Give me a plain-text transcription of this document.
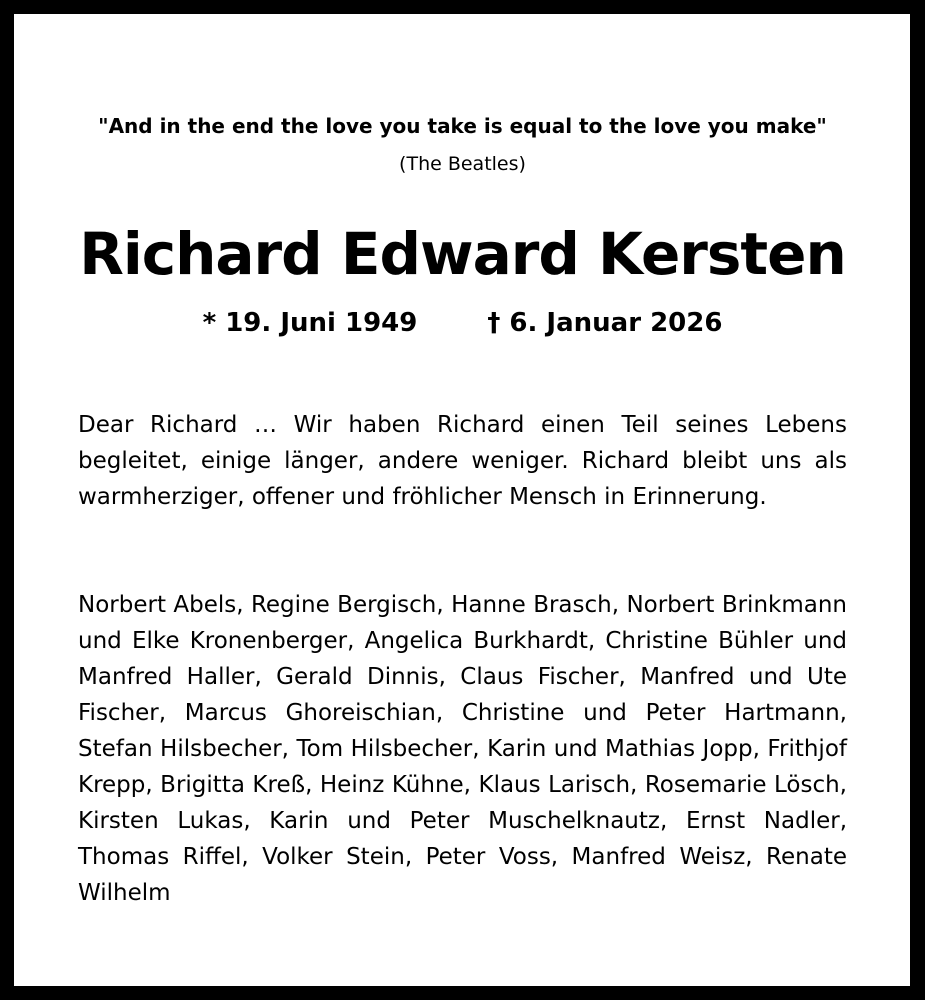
"And in the end the love you take is equal to the love you make"
(The Beatles)
Richard Edward Kersten
* 19. Juni 1949	† 6. Januar 2026

Dear Richard … Wir haben Richard einen Teil seines Lebens begleitet, einige länger, andere weniger. Richard bleibt uns als warmherziger, offener und fröhlicher Mensch in Erinnerung.

Norbert Abels, Regine Bergisch, Hanne Brasch, Norbert Brinkmann und Elke Kronenberger, Angelica Burkhardt, Christine Bühler und Manfred Haller, Gerald Dinnis, Claus Fischer, Manfred und Ute Fischer, Marcus Ghoreischian, Christine und Peter Hartmann, Stefan Hilsbecher, Tom Hilsbecher, Karin und Mathias Jopp, Frithjof Krepp, Brigitta Kreß, Heinz Kühne, Klaus Larisch, Rosemarie Lösch, Kirsten Lukas, Karin und Peter Muschelknautz, Ernst Nadler, Thomas Riffel, Volker Stein, Peter Voss, Manfred Weisz, Renate Wilhelm
